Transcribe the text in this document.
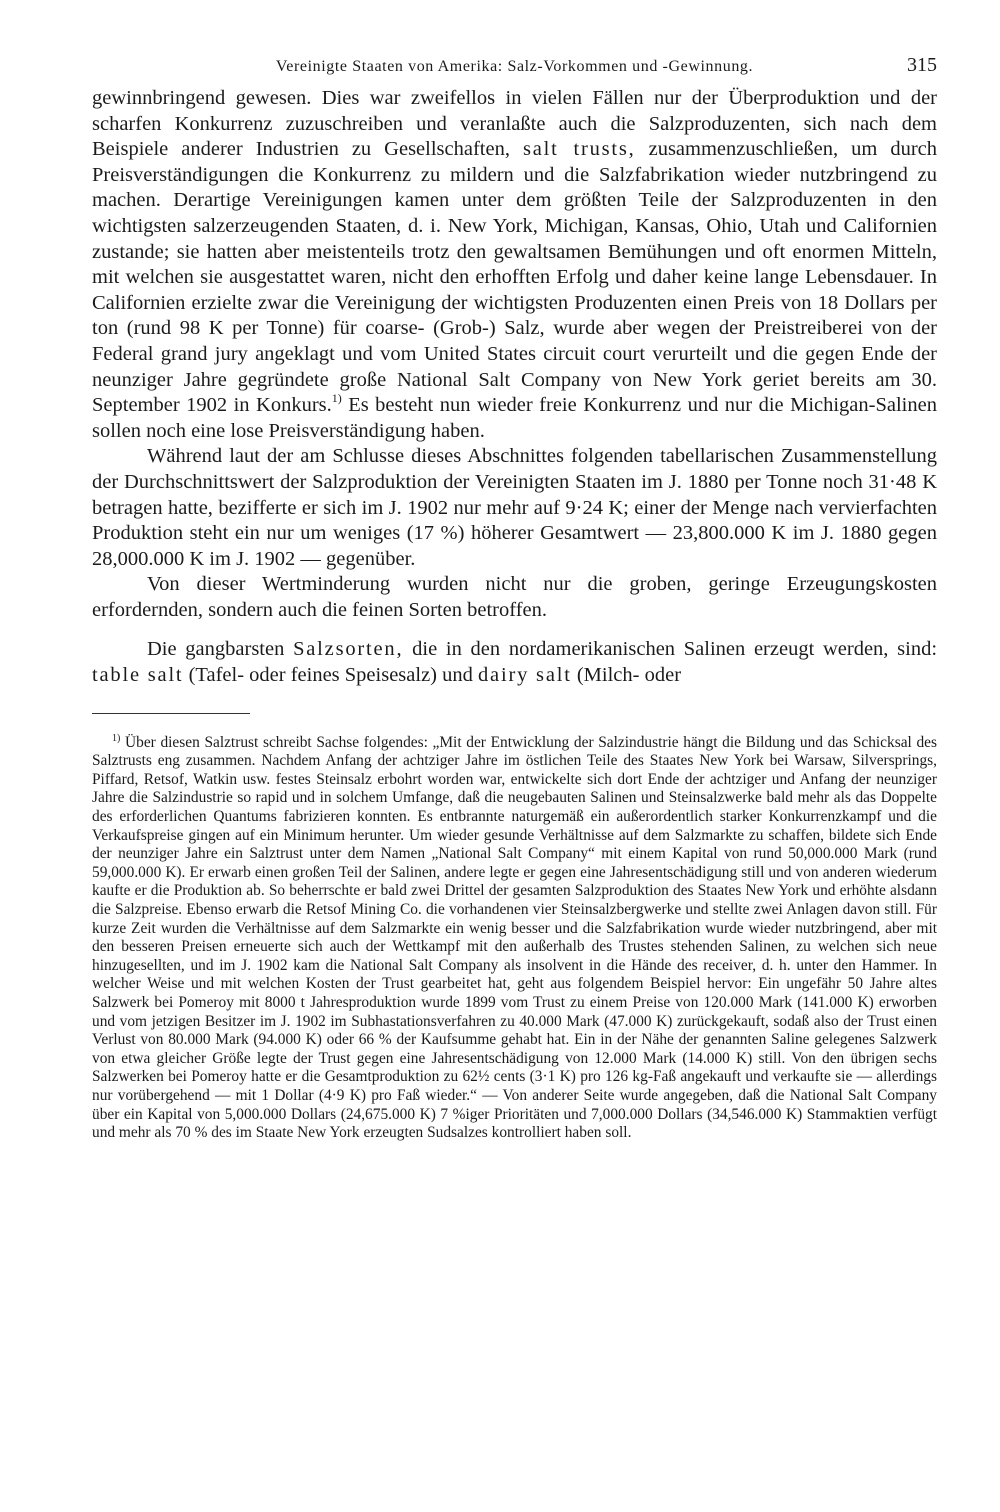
Vereinigte Staaten von Amerika: Salz-Vorkommen und -Gewinnung.	315

gewinnbringend gewesen. Dies war zweifellos in vielen Fällen nur der Überproduktion und der scharfen Konkurrenz zuzuschreiben und veranlaßte auch die Salzproduzenten, sich nach dem Beispiele anderer Industrien zu Gesellschaften, salt trusts, zusammenzuschließen, um durch Preisverständigungen die Konkurrenz zu mildern und die Salzfabrikation wieder nutzbringend zu machen. Derartige Vereinigungen kamen unter dem größten Teile der Salzproduzenten in den wichtigsten salzerzeugenden Staaten, d. i. New York, Michigan, Kansas, Ohio, Utah und Californien zustande; sie hatten aber meistenteils trotz den gewaltsamen Bemühungen und oft enormen Mitteln, mit welchen sie ausgestattet waren, nicht den erhofften Erfolg und daher keine lange Lebensdauer. In Californien erzielte zwar die Vereinigung der wichtigsten Produzenten einen Preis von 18 Dollars per ton (rund 98 K per Tonne) für coarse- (Grob-) Salz, wurde aber wegen der Preistreiberei von der Federal grand jury angeklagt und vom United States circuit court verurteilt und die gegen Ende der neunziger Jahre gegründete große National Salt Company von New York geriet bereits am 30. September 1902 in Konkurs.$^{1)}$ Es besteht nun wieder freie Konkurrenz und nur die Michigan-Salinen sollen noch eine lose Preisverständigung haben.

Während laut der am Schlusse dieses Abschnittes folgenden tabellarischen Zusammenstellung der Durchschnittswert der Salzproduktion der Vereinigten Staaten im J. 1880 per Tonne noch 31·48 K betragen hatte, bezifferte er sich im J. 1902 nur mehr auf 9·24 K; einer der Menge nach vervierfachten Produktion steht ein nur um weniges (17 %) höherer Gesamtwert — 23,800.000 K im J. 1880 gegen 28,000.000 K im J. 1902 — gegenüber.

Von dieser Wertminderung wurden nicht nur die groben, geringe Erzeugungskosten erfordernden, sondern auch die feinen Sorten betroffen.

Die gangbarsten Salzsorten, die in den nordamerikanischen Salinen erzeugt werden, sind: table salt (Tafel- oder feines Speisesalz) und dairy salt (Milch- oder

$^{1)}$ Über diesen Salztrust schreibt Sachse folgendes: „Mit der Entwicklung der Salzindustrie hängt die Bildung und das Schicksal des Salztrusts eng zusammen. Nachdem Anfang der achtziger Jahre im östlichen Teile des Staates New York bei Warsaw, Silversprings, Piffard, Retsof, Watkin usw. festes Steinsalz erbohrt worden war, entwickelte sich dort Ende der achtziger und Anfang der neunziger Jahre die Salzindustrie so rapid und in solchem Umfange, daß die neugebauten Salinen und Steinsalzwerke bald mehr als das Doppelte des erforderlichen Quantums fabrizieren konnten. Es entbrannte naturgemäß ein außerordentlich starker Konkurrenzkampf und die Verkaufspreise gingen auf ein Minimum herunter. Um wieder gesunde Verhältnisse auf dem Salzmarkte zu schaffen, bildete sich Ende der neunziger Jahre ein Salztrust unter dem Namen „National Salt Company“ mit einem Kapital von rund 50,000.000 Mark (rund 59,000.000 K). Er erwarb einen großen Teil der Salinen, andere legte er gegen eine Jahresentschädigung still und von anderen wiederum kaufte er die Produktion ab. So beherrschte er bald zwei Drittel der gesamten Salzproduktion des Staates New York und erhöhte alsdann die Salzpreise. Ebenso erwarb die Retsof Mining Co. die vorhandenen vier Steinsalzbergwerke und stellte zwei Anlagen davon still. Für kurze Zeit wurden die Verhältnisse auf dem Salzmarkte ein wenig besser und die Salzfabrikation wurde wieder nutzbringend, aber mit den besseren Preisen erneuerte sich auch der Wettkampf mit den außerhalb des Trustes stehenden Salinen, zu welchen sich neue hinzugesellten, und im J. 1902 kam die National Salt Company als insolvent in die Hände des receiver, d. h. unter den Hammer. In welcher Weise und mit welchen Kosten der Trust gearbeitet hat, geht aus folgendem Beispiel hervor: Ein ungefähr 50 Jahre altes Salzwerk bei Pomeroy mit 8000 t Jahresproduktion wurde 1899 vom Trust zu einem Preise von 120.000 Mark (141.000 K) erworben und vom jetzigen Besitzer im J. 1902 im Subhastationsverfahren zu 40.000 Mark (47.000 K) zurückgekauft, sodaß also der Trust einen Verlust von 80.000 Mark (94.000 K) oder 66 % der Kaufsumme gehabt hat. Ein in der Nähe der genannten Saline gelegenes Salzwerk von etwa gleicher Größe legte der Trust gegen eine Jahresentschädigung von 12.000 Mark (14.000 K) still. Von den übrigen sechs Salzwerken bei Pomeroy hatte er die Gesamtproduktion zu 62½ cents (3·1 K) pro 126 kg-Faß angekauft und verkaufte sie — allerdings nur vorübergehend — mit 1 Dollar (4·9 K) pro Faß wieder.“ — Von anderer Seite wurde angegeben, daß die National Salt Company über ein Kapital von 5,000.000 Dollars (24,675.000 K) 7 %iger Prioritäten und 7,000.000 Dollars (34,546.000 K) Stammaktien verfügt und mehr als 70 % des im Staate New York erzeugten Sudsalzes kontrolliert haben soll.
